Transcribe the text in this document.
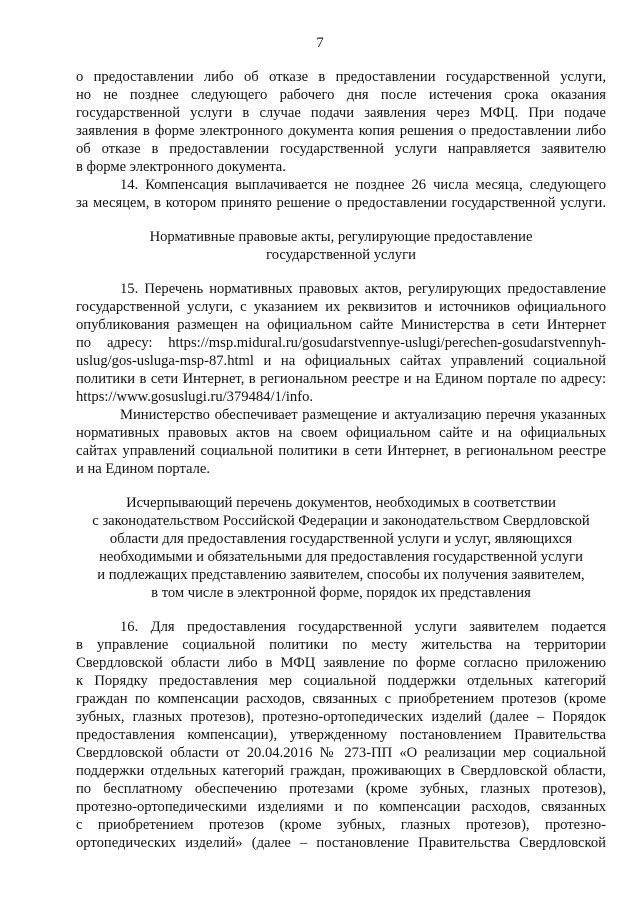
7
о предоставлении либо об отказе в предоставлении государственной услуги,
но не позднее следующего рабочего дня после истечения срока оказания
государственной услуги в случае подачи заявления через МФЦ. При подаче
заявления в форме электронного документа копия решения о предоставлении либо
об отказе в предоставлении государственной услуги направляется заявителю
в форме электронного документа.
14. Компенсация выплачивается не позднее 26 числа месяца, следующего
за месяцем, в котором принято решение о предоставлении государственной услуги.
Нормативные правовые акты, регулирующие предоставление
государственной услуги
15. Перечень нормативных правовых актов, регулирующих предоставление
государственной услуги, с указанием их реквизитов и источников официального
опубликования размещен на официальном сайте Министерства в сети Интернет
по адресу: https://msp.midural.ru/gosudarstvennye-uslugi/perechen-gosudarstvennyh-
uslug/gos-usluga-msp-87.html и на официальных сайтах управлений социальной
политики в сети Интернет, в региональном реестре и на Едином портале по адресу:
https://www.gosuslugi.ru/379484/1/info.
Министерство обеспечивает размещение и актуализацию перечня указанных
нормативных правовых актов на своем официальном сайте и на официальных
сайтах управлений социальной политики в сети Интернет, в региональном реестре
и на Едином портале.
Исчерпывающий перечень документов, необходимых в соответствии
с законодательством Российской Федерации и законодательством Свердловской
области для предоставления государственной услуги и услуг, являющихся
необходимыми и обязательными для предоставления государственной услуги
и подлежащих представлению заявителем, способы их получения заявителем,
в том числе в электронной форме, порядок их представления
16. Для предоставления государственной услуги заявителем подается
в управление социальной политики по месту жительства на территории
Свердловской области либо в МФЦ заявление по форме согласно приложению
к Порядку предоставления мер социальной поддержки отдельных категорий
граждан по компенсации расходов, связанных с приобретением протезов (кроме
зубных, глазных протезов), протезно-ортопедических изделий (далее – Порядок
предоставления компенсации), утвержденному постановлением Правительства
Свердловской области от 20.04.2016 № 273-ПП «О реализации мер социальной
поддержки отдельных категорий граждан, проживающих в Свердловской области,
по бесплатному обеспечению протезами (кроме зубных, глазных протезов),
протезно-ортопедическими изделиями и по компенсации расходов, связанных
с приобретением протезов (кроме зубных, глазных протезов), протезно-
ортопедических изделий» (далее – постановление Правительства Свердловской
